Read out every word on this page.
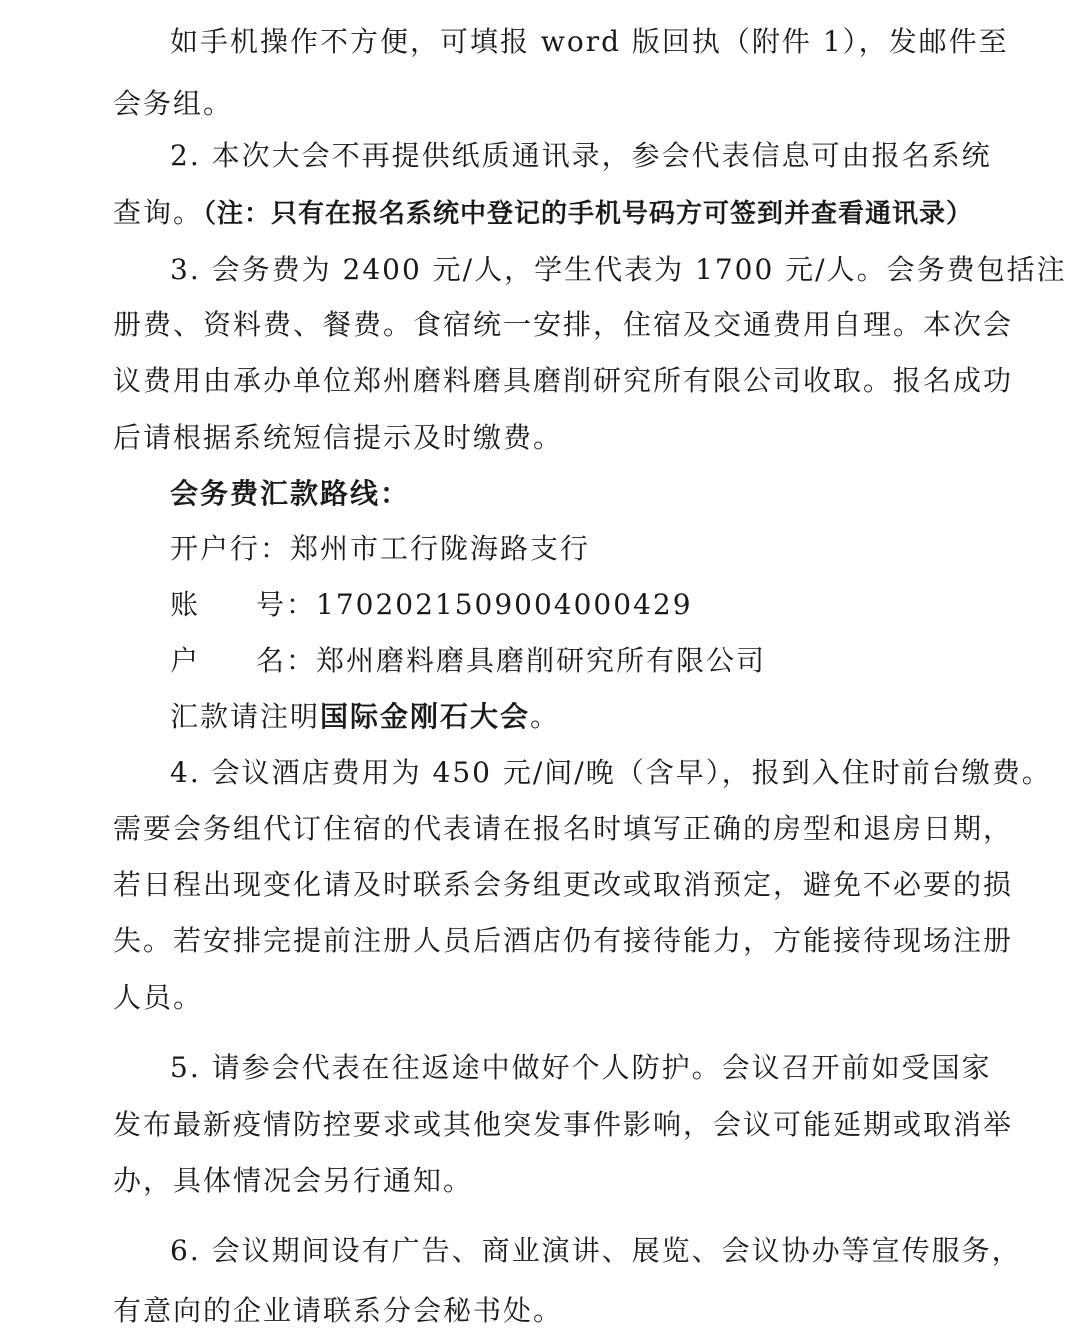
如手机操作不方便，可填报 word 版回执（附件 1），发邮件至
会务组。
2. 本次大会不再提供纸质通讯录，参会代表信息可由报名系统
查询。（注：只有在报名系统中登记的手机号码方可签到并查看通讯录）
3. 会务费为 2400 元/人，学生代表为 1700 元/人。会务费包括注
册费、资料费、餐费。食宿统一安排，住宿及交通费用自理。本次会
议费用由承办单位郑州磨料磨具磨削研究所有限公司收取。报名成功
后请根据系统短信提示及时缴费。
会务费汇款路线：
开户行：郑州市工行陇海路支行
账 号：1702021509004000429
户 名：郑州磨料磨具磨削研究所有限公司
汇款请注明国际金刚石大会。
4. 会议酒店费用为 450 元/间/晚（含早），报到入住时前台缴费。
需要会务组代订住宿的代表请在报名时填写正确的房型和退房日期，
若日程出现变化请及时联系会务组更改或取消预定，避免不必要的损
失。若安排完提前注册人员后酒店仍有接待能力，方能接待现场注册
人员。
5. 请参会代表在往返途中做好个人防护。会议召开前如受国家
发布最新疫情防控要求或其他突发事件影响，会议可能延期或取消举
办，具体情况会另行通知。
6. 会议期间设有广告、商业演讲、展览、会议协办等宣传服务，
有意向的企业请联系分会秘书处。
